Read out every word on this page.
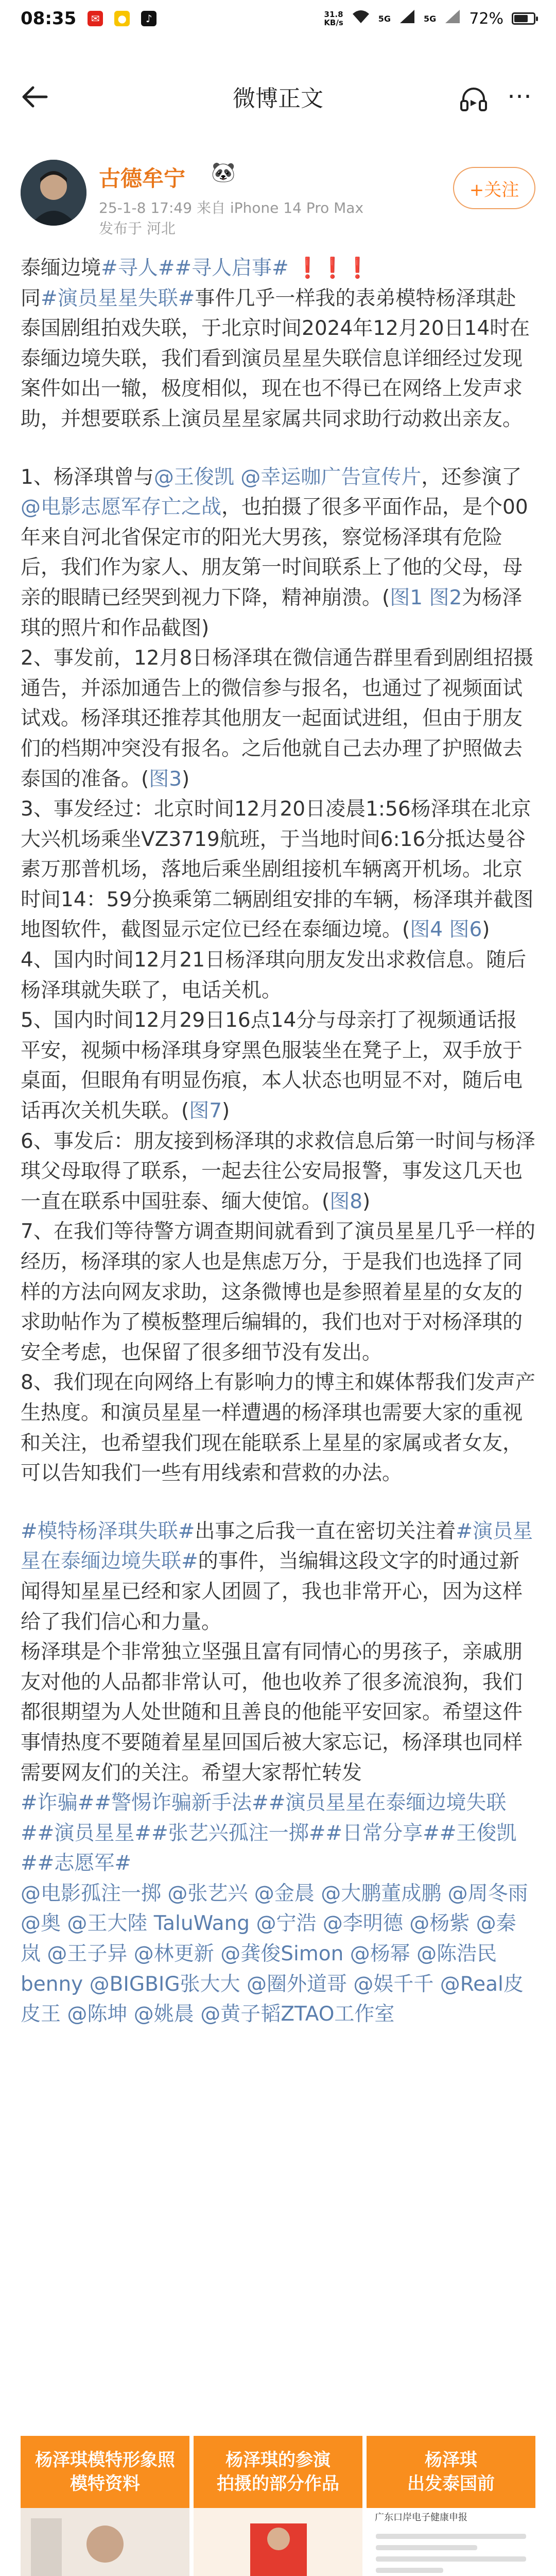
08:35	✉	●	♪	31.8
KB/s	5G	5G 72%
微博正文	⋯
古德牟宁 🐼
25-1-8 17:49 来自 iPhone 14 Pro Max
发布于 河北
+关注

泰缅边境#寻人##寻人启事# ❗❗❗
同#演员星星失联#事件几乎一样我的表弟模特杨泽琪赴泰国剧组拍戏失联，于北京时间2024年12月20日14时在泰缅边境失联，我们看到演员星星失联信息详细经过发现案件如出一辙，极度相似，现在也不得已在网络上发声求助，并想要联系上演员星星家属共同求助行动救出亲友。

1、杨泽琪曾与@王俊凯 @幸运咖广告宣传片，还参演了@电影志愿军存亡之战，也拍摄了很多平面作品，是个00年来自河北省保定市的阳光大男孩，察觉杨泽琪有危险后，我们作为家人、朋友第一时间联系上了他的父母，母亲的眼睛已经哭到视力下降，精神崩溃。(图1 图2为杨泽琪的照片和作品截图)

2、事发前，12月8日杨泽琪在微信通告群里看到剧组招摄通告，并添加通告上的微信参与报名，也通过了视频面试试戏。杨泽琪还推荐其他朋友一起面试进组，但由于朋友们的档期冲突没有报名。之后他就自己去办理了护照做去泰国的准备。(图3)

3、事发经过：北京时间12月20日凌晨1:56杨泽琪在北京大兴机场乘坐VZ3719航班，于当地时间6:16分抵达曼谷素万那普机场，落地后乘坐剧组接机车辆离开机场。北京时间14：59分换乘第二辆剧组安排的车辆，杨泽琪并截图地图软件，截图显示定位已经在泰缅边境。(图4 图6)

4、国内时间12月21日杨泽琪向朋友发出求救信息。随后杨泽琪就失联了，电话关机。

5、国内时间12月29日16点14分与母亲打了视频通话报平安，视频中杨泽琪身穿黑色服装坐在凳子上，双手放于桌面，但眼角有明显伤痕，本人状态也明显不对，随后电话再次关机失联。(图7)

6、事发后：朋友接到杨泽琪的求救信息后第一时间与杨泽琪父母取得了联系，一起去往公安局报警，事发这几天也一直在联系中国驻泰、缅大使馆。(图8)

7、在我们等待警方调查期间就看到了演员星星几乎一样的经历，杨泽琪的家人也是焦虑万分，于是我们也选择了同样的方法向网友求助，这条微博也是参照着星星的女友的求助帖作为了模板整理后编辑的，我们也对于对杨泽琪的安全考虑，也保留了很多细节没有发出。

8、我们现在向网络上有影响力的博主和媒体帮我们发声产生热度。和演员星星一样遭遇的杨泽琪也需要大家的重视和关注，也希望我们现在能联系上星星的家属或者女友，可以告知我们一些有用线索和营救的办法。

#模特杨泽琪失联#出事之后我一直在密切关注着#演员星星在泰缅边境失联#的事件，当编辑这段文字的时通过新闻得知星星已经和家人团圆了，我也非常开心，因为这样给了我们信心和力量。

杨泽琪是个非常独立坚强且富有同情心的男孩子，亲戚朋友对他的人品都非常认可，他也收养了很多流浪狗，我们都很期望为人处世随和且善良的他能平安回家。希望这件事情热度不要随着星星回国后被大家忘记，杨泽琪也同样需要网友们的关注。希望大家帮忙转发

#诈骗##警惕诈骗新手法##演员星星在泰缅边境失联##演员星星##张艺兴孤注一掷##日常分享##王俊凯##志愿军#

@电影孤注一掷 @张艺兴 @金晨 @大鹏董成鹏 @周冬雨 @奥 @王大陸 TaluWang @宁浩 @李明德 @杨紫 @秦岚 @王子异 @林更新 @龚俊Simon @杨幂 @陈浩民benny @BIGBIG张大大 @圈外道哥 @娱千千 @Real皮皮王 @陈坤 @姚晨 @黄子韬ZTAO工作室

杨泽琪模特形象照
模特资料
杨泽琪的参演
拍摄的部分作品
杨泽琪
出发泰国前
广东口岸电子健康申报
